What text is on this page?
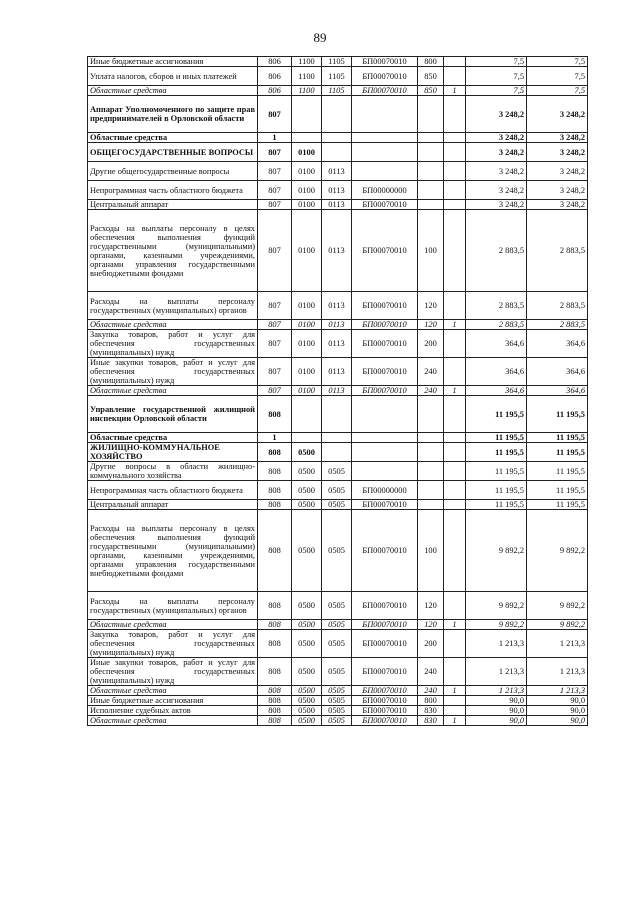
89
Иные бюджетные ассигнования	806	1100	1105	БП00070010	800		7,5	7,5
Уплата налогов, сборов и иных платежей	806	1100	1105	БП00070010	850		7,5	7,5
Областные средства	806	1100	1105	БП00070010	850	1	7,5	7,5
Аппарат Уполномоченного по защите прав предпринимателей в Орловской области	807						3 248,2	3 248,2
Областные средства	1						3 248,2	3 248,2
ОБЩЕГОСУДАРСТВЕННЫЕ ВОПРОСЫ	807	0100					3 248,2	3 248,2
Другие общегосударственные вопросы	807	0100	0113				3 248,2	3 248,2
Непрограммная часть областного бюджета	807	0100	0113	БП00000000			3 248,2	3 248,2
Центральный аппарат	807	0100	0113	БП00070010			3 248,2	3 248,2
Расходы на выплаты персоналу в целях обеспечения выполнения функций государственными (муниципальными) органами, казенными учреждениями, органами управления государственными внебюджетными фондами	807	0100	0113	БП00070010	100		2 883,5	2 883,5
Расходы на выплаты персоналу государственных (муниципальных) органов	807	0100	0113	БП00070010	120		2 883,5	2 883,5
Областные средства	807	0100	0113	БП00070010	120	1	2 883,5	2 883,5
Закупка товаров, работ и услуг для обеспечения государственных (муниципальных) нужд	807	0100	0113	БП00070010	200		364,6	364,6
Иные закупки товаров, работ и услуг для обеспечения государственных (муниципальных) нужд	807	0100	0113	БП00070010	240		364,6	364,6
Областные средства	807	0100	0113	БП00070010	240	1	364,6	364,6
Управление государственной жилищной инспекции Орловской области	808						11 195,5	11 195,5
Областные средства	1						11 195,5	11 195,5
ЖИЛИЩНО-КОММУНАЛЬНОЕ ХОЗЯЙСТВО	808	0500					11 195,5	11 195,5
Другие вопросы в области жилищно-коммунального хозяйства	808	0500	0505				11 195,5	11 195,5
Непрограммная часть областного бюджета	808	0500	0505	БП00000000			11 195,5	11 195,5
Центральный аппарат	808	0500	0505	БП00070010			11 195,5	11 195,5
Расходы на выплаты персоналу в целях обеспечения выполнения функций государственными (муниципальными) органами, казенными учреждениями, органами управления государственными внебюджетными фондами	808	0500	0505	БП00070010	100		9 892,2	9 892,2
Расходы на выплаты персоналу государственных (муниципальных) органов	808	0500	0505	БП00070010	120		9 892,2	9 892,2
Областные средства	808	0500	0505	БП00070010	120	1	9 892,2	9 892,2
Закупка товаров, работ и услуг для обеспечения государственных (муниципальных) нужд	808	0500	0505	БП00070010	200		1 213,3	1 213,3
Иные закупки товаров, работ и услуг для обеспечения государственных (муниципальных) нужд	808	0500	0505	БП00070010	240		1 213,3	1 213,3
Областные средства	808	0500	0505	БП00070010	240	1	1 213,3	1 213,3
Иные бюджетные ассигнования	808	0500	0505	БП00070010	800		90,0	90,0
Исполнение судебных актов	808	0500	0505	БП00070010	830		90,0	90,0
Областные средства	808	0500	0505	БП00070010	830	1	90,0	90,0
